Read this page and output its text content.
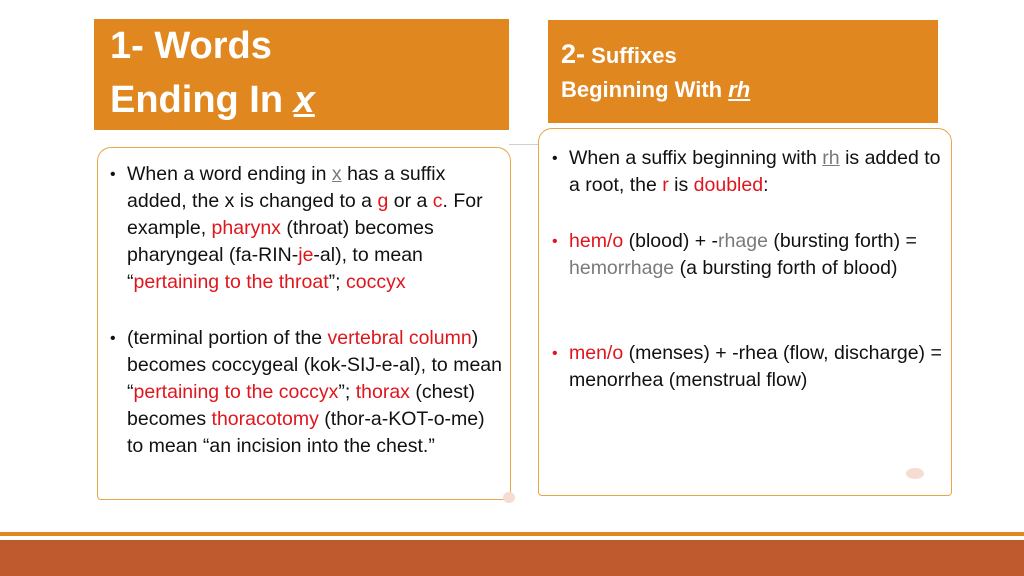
1- Words
Ending In x
2- Suffixes
Beginning With rh
• When a word ending in x has a suffix added, the x is changed to a g or a c. For example, pharynx (throat) becomes pharyngeal (fa-RIN-je-al), to mean “pertaining to the throat”; coccyx
• (terminal portion of the vertebral column) becomes coccygeal (kok-SIJ-e-al), to mean “pertaining to the coccyx”; thorax (chest) becomes thoracotomy (thor-a-KOT-o-me) to mean “an incision into the chest.”
• When a suffix beginning with rh is added to a root, the r is doubled:
• hem/o (blood) + -rhage (bursting forth) = hemorrhage (a bursting forth of blood)
• men/o (menses) + -rhea (flow, discharge) = menorrhea (menstrual flow)
